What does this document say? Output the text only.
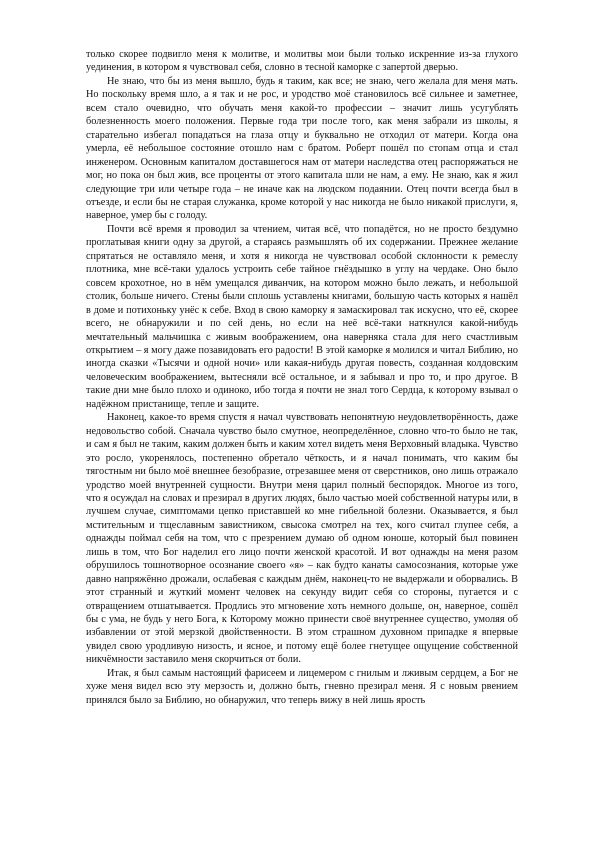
только скорее подвигло меня к молитве, и молитвы мои были только искренние из-за глухого уединения, в котором я чувствовал себя, словно в тесной каморке с запертой дверью.

Не знаю, что бы из меня вышло, будь я таким, как все; не знаю, чего желала для меня мать. Но поскольку время шло, а я так и не рос, и уродство моё становилось всё сильнее и заметнее, всем стало очевидно, что обучать меня какой-то профессии – значит лишь усугублять болезненность моего положения. Первые года три после того, как меня забрали из школы, я старательно избегал попадаться на глаза отцу и буквально не отходил от матери. Когда она умерла, её небольшое состояние отошло нам с братом. Роберт пошёл по стопам отца и стал инженером. Основным капиталом доставшегося нам от матери наследства отец распоряжаться не мог, но пока он был жив, все проценты от этого капитала шли не нам, а ему. Не знаю, как я жил следующие три или четыре года – не иначе как на людском подаянии. Отец почти всегда был в отъезде, и если бы не старая служанка, кроме которой у нас никогда не было никакой прислуги, я, наверное, умер бы с голоду.

Почти всё время я проводил за чтением, читая всё, что попадётся, но не просто бездумно проглатывая книги одну за другой, а стараясь размышлять об их содержании. Прежнее желание спрятаться не оставляло меня, и хотя я никогда не чувствовал особой склонности к ремеслу плотника, мне всё-таки удалось устроить себе тайное гнёздышко в углу на чердаке. Оно было совсем крохотное, но в нём умещался диванчик, на котором можно было лежать, и небольшой столик, больше ничего. Стены были сплошь уставлены книгами, большую часть которых я нашёл в доме и потихоньку унёс к себе. Вход в свою каморку я замаскировал так искусно, что её, скорее всего, не обнаружили и по сей день, но если на неё всё-таки наткнулся какой-нибудь мечтательный мальчишка с живым воображением, она наверняка стала для него счастливым открытием – я могу даже позавидовать его радости! В этой каморке я молился и читал Библию, но иногда сказки «Тысячи и одной ночи» или какая-нибудь другая повесть, созданная колдовским человеческим воображением, вытесняли всё остальное, и я забывал и про то, и про другое. В такие дни мне было плохо и одиноко, ибо тогда я почти не знал того Сердца, к которому взывал о надёжном пристанище, тепле и защите.

Наконец, какое-то время спустя я начал чувствовать непонятную неудовлетворённость, даже недовольство собой. Сначала чувство было смутное, неопределённое, словно что-то было не так, и сам я был не таким, каким должен быть и каким хотел видеть меня Верховный владыка. Чувство это росло, укоренялось, постепенно обретало чёткость, и я начал понимать, что каким бы тягостным ни было моё внешнее безобразие, отрезавшее меня от сверстников, оно лишь отражало уродство моей внутренней сущности. Внутри меня царил полный беспорядок. Многое из того, что я осуждал на словах и презирал в других людях, было частью моей собственной натуры или, в лучшем случае, симптомами цепко приставшей ко мне гибельной болезни. Оказывается, я был мстительным и тщеславным завистником, свысока смотрел на тех, кого считал глупее себя, а однажды поймал себя на том, что с презрением думаю об одном юноше, который был повинен лишь в том, что Бог наделил его лицо почти женской красотой. И вот однажды на меня разом обрушилось тошнотворное осознание своего «я» – как будто канаты самосознания, которые уже давно напряжённо дрожали, ослабевая с каждым днём, наконец-то не выдержали и оборвались. В этот странный и жуткий момент человек на секунду видит себя со стороны, пугается и с отвращением отшатывается. Продлись это мгновение хоть немного дольше, он, наверное, сошёл бы с ума, не будь у него Бога, к Которому можно принести своё внутреннее существо, умоляя об избавлении от этой мерзкой двойственности. В этом страшном духовном припадке я впервые увидел свою уродливую низость, и ясное, и потому ещё более гнетущее ощущение собственной никчёмности заставило меня скорчиться от боли.

Итак, я был самым настоящий фарисеем и лицемером с гнилым и лживым сердцем, а Бог не хуже меня видел всю эту мерзость и, должно быть, гневно презирал меня. Я с новым рвением принялся было за Библию, но обнаружил, что теперь вижу в ней лишь ярость
